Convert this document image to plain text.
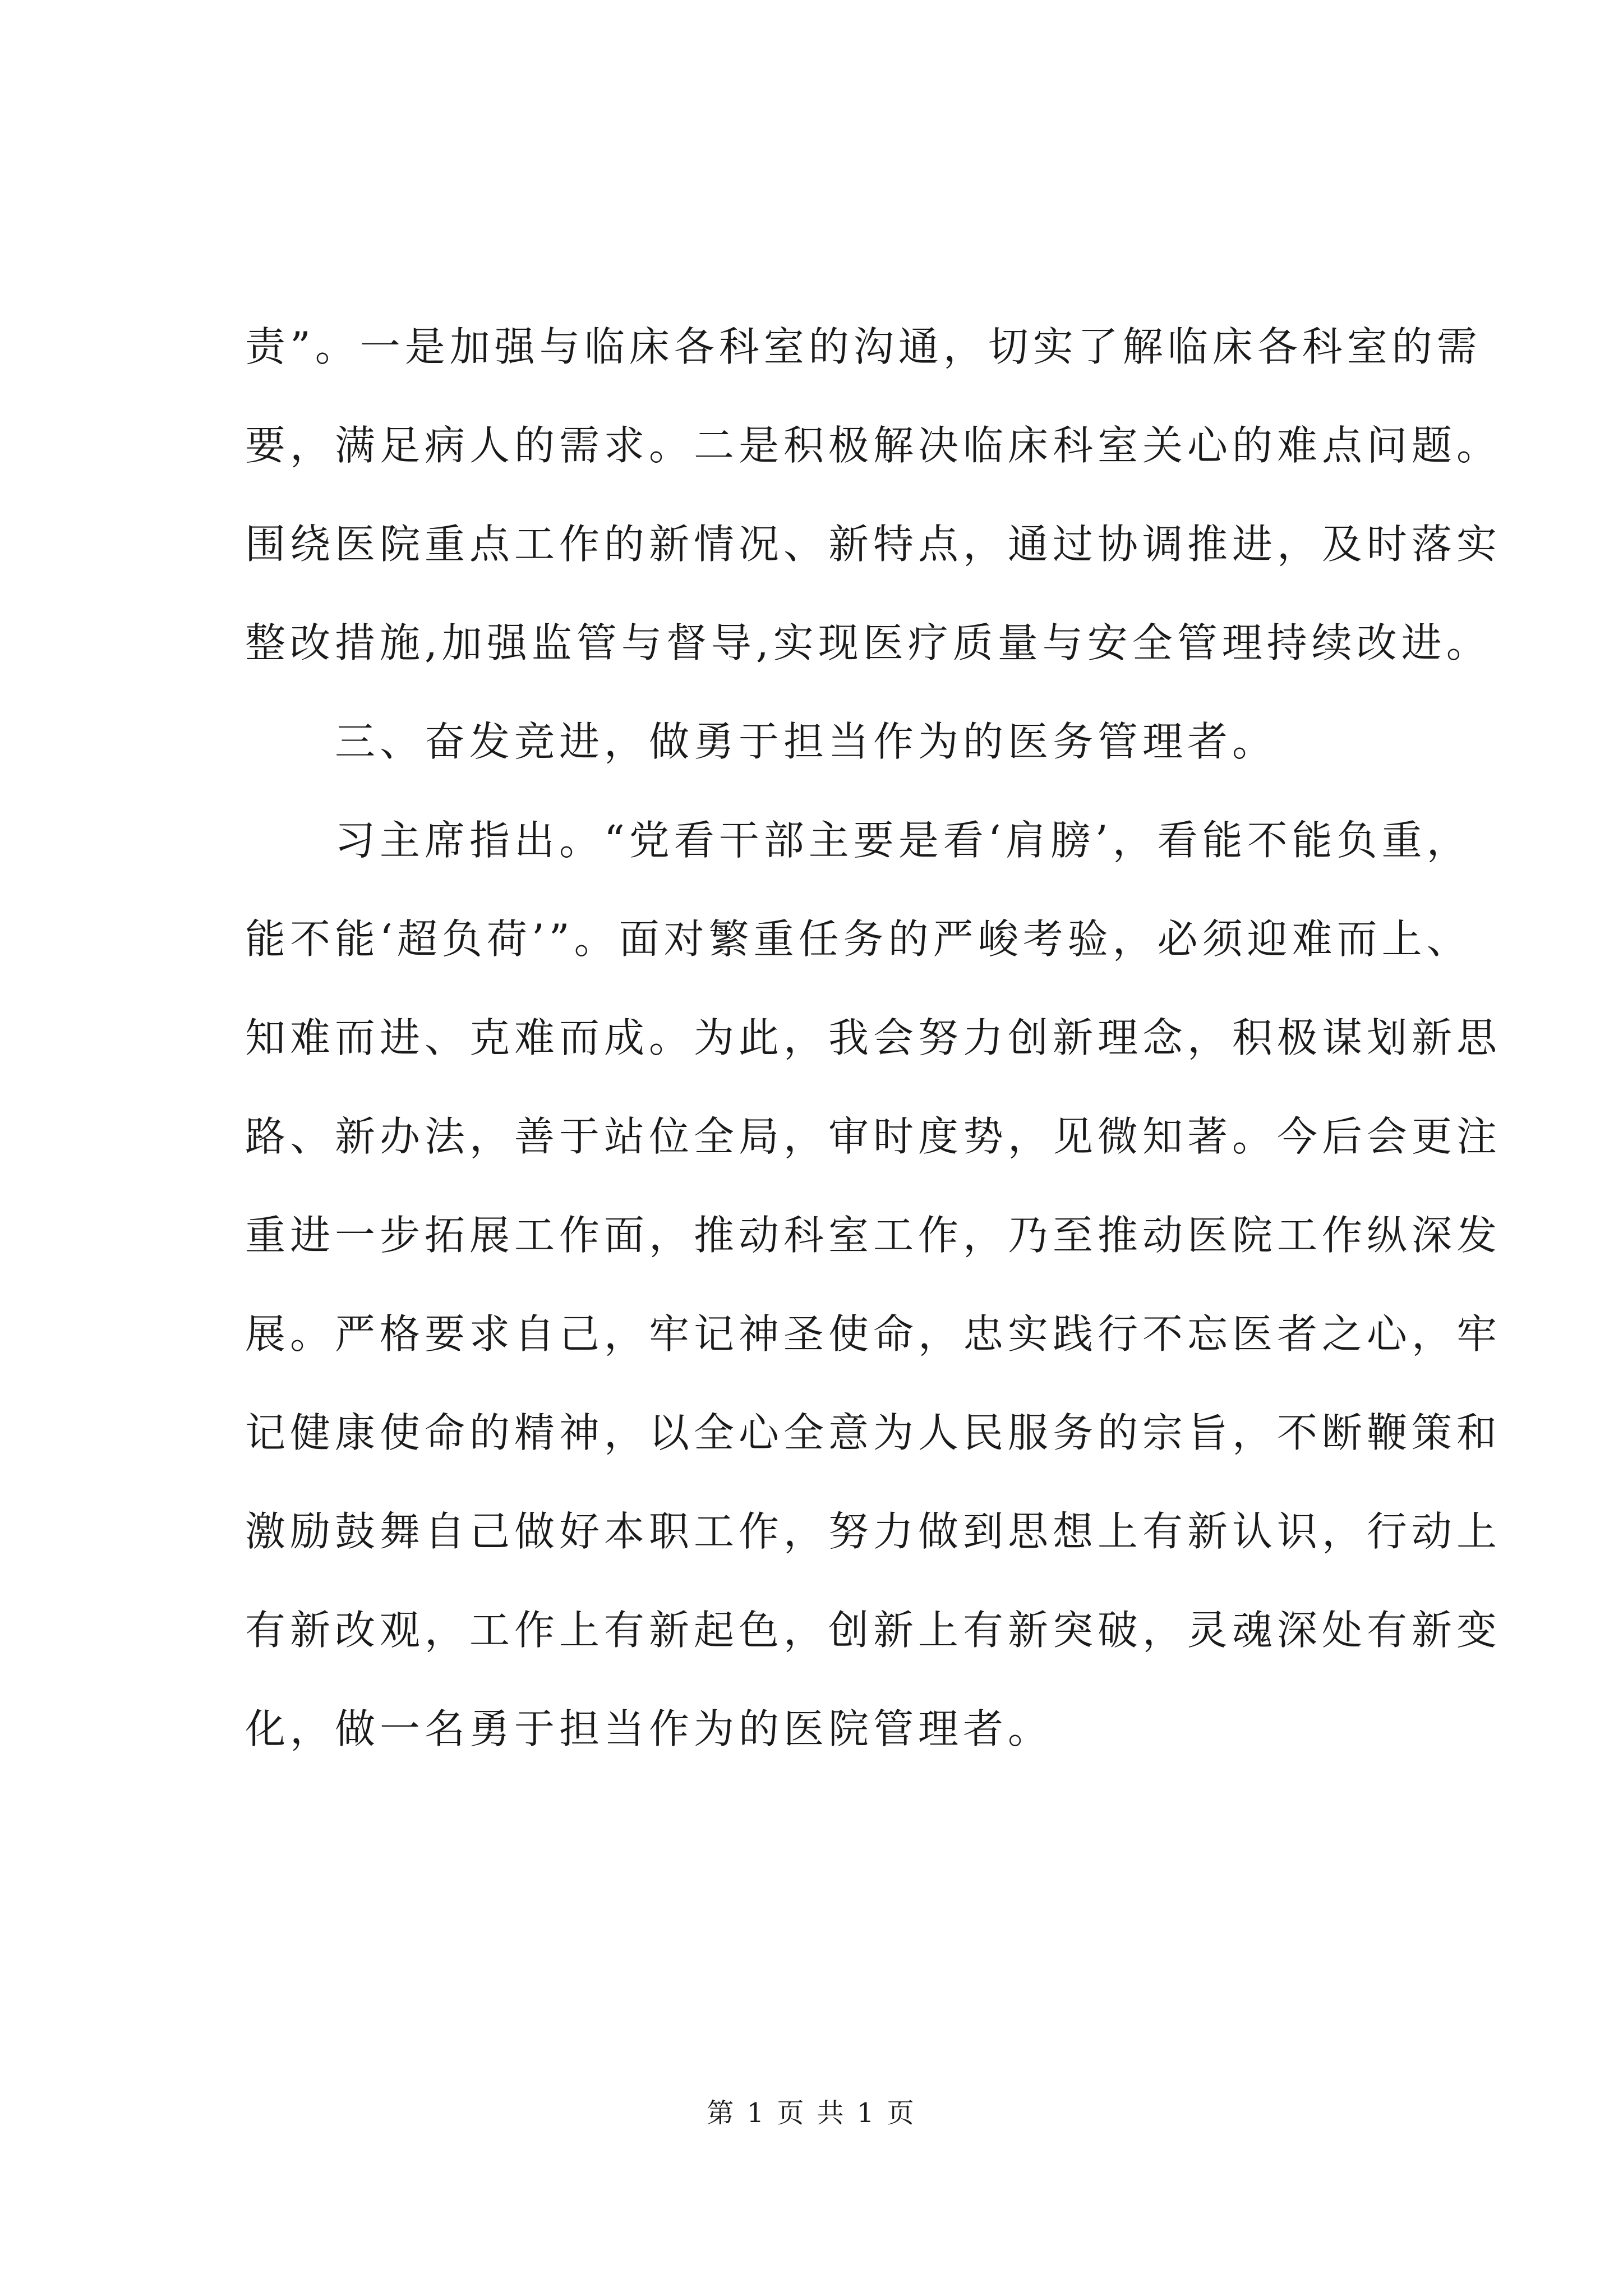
责”。一是加强与临床各科室的沟通，切实了解临床各科室的需
要，满足病人的需求。二是积极解决临床科室关心的难点问题。
围绕医院重点工作的新情况、新特点，通过协调推进，及时落实
整改措施,加强监管与督导,实现医疗质量与安全管理持续改进。
三、奋发竞进，做勇于担当作为的医务管理者。
习主席指出。“党看干部主要是看‘肩膀’，看能不能负重，
能不能‘超负荷’”。面对繁重任务的严峻考验，必须迎难而上、
知难而进、克难而成。为此，我会努力创新理念，积极谋划新思
路、新办法，善于站位全局，审时度势，见微知著。今后会更注
重进一步拓展工作面，推动科室工作，乃至推动医院工作纵深发
展。严格要求自己，牢记神圣使命，忠实践行不忘医者之心，牢
记健康使命的精神，以全心全意为人民服务的宗旨，不断鞭策和
激励鼓舞自己做好本职工作，努力做到思想上有新认识，行动上
有新改观，工作上有新起色，创新上有新突破，灵魂深处有新变
化，做一名勇于担当作为的医院管理者。
第 1 页 共 1 页
